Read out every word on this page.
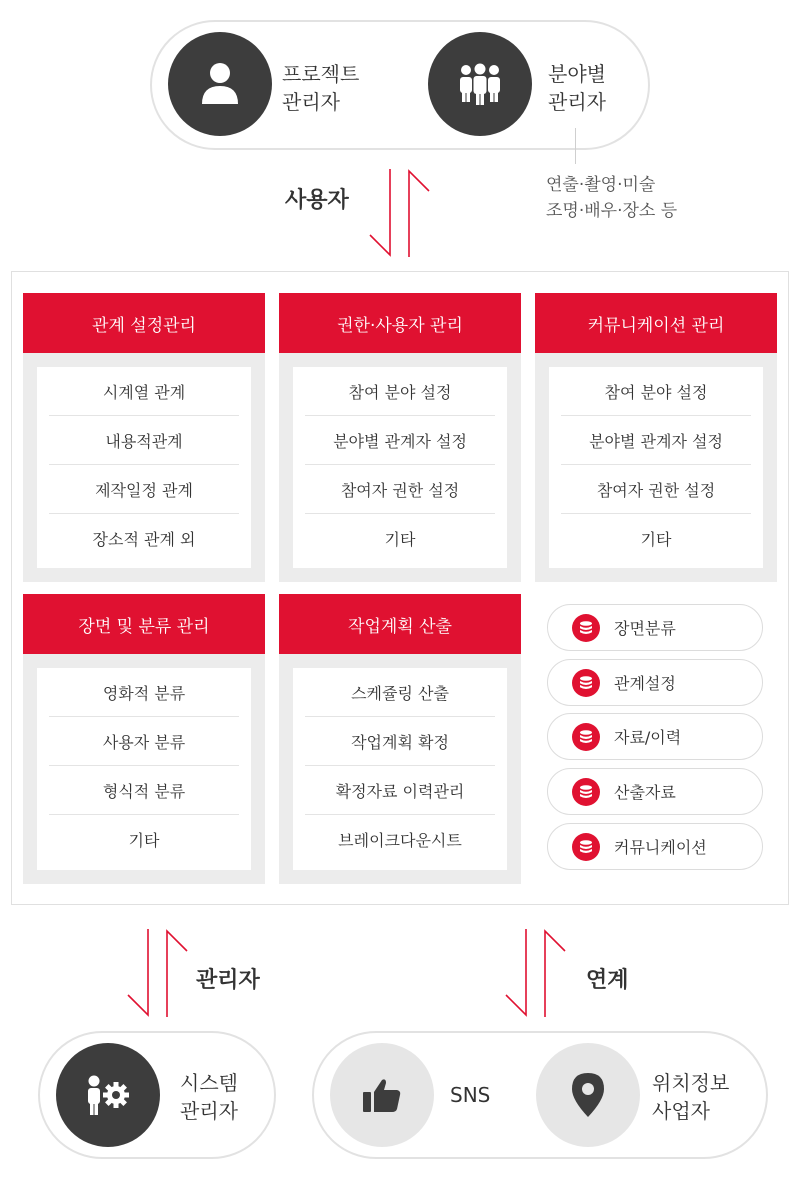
프로젝트
관리자
분야별
관리자
연출·촬영·미술
조명·배우·장소 등
사용자
관계 설정관리
시계열 관계
내용적관계
제작일정 관계
장소적 관계 외
권한·사용자 관리
참여 분야 설정
분야별 관계자 설정
참여자 권한 설정
기타
커뮤니케이션 관리
참여 분야 설정
분야별 관계자 설정
참여자 권한 설정
기타
장면 및 분류 관리
영화적 분류
사용자 분류
형식적 분류
기타
작업계획 산출
스케쥴링 산출
작업계획 확정
확정자료 이력관리
브레이크다운시트
장면분류
관계설정
자료/이력
산출자료
커뮤니케이션
관리자	연계
시스템
관리자
SNS	위치정보
사업자
